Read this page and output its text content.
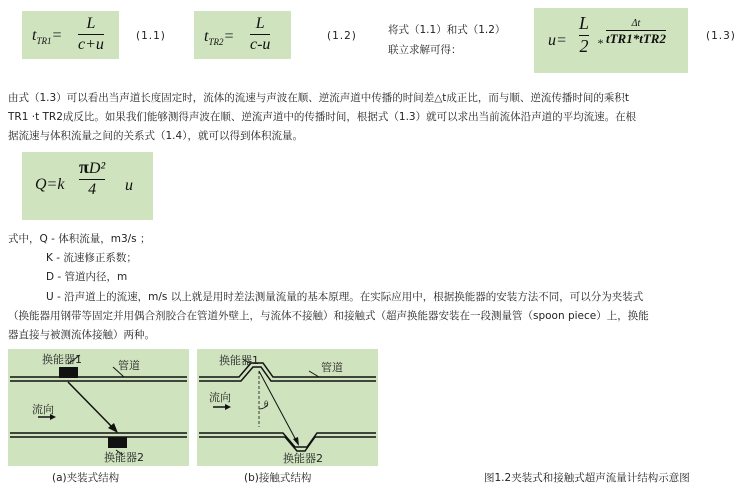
$t_{TR1}=$
L
c+u	(1.1) $t_{TR2}=$
L
c-u	(1.2)	将式（1.1）和式（1.2）
联立求解可得：
u=
L
2 *
Δt
tTR1*tTR2	(1.3)
由式（1.3）可以看出当声道长度固定时，流体的流速与声波在顺、逆流声道中传播的时间差△t成正比，而与顺、逆流传播时间的乘积t
TR1 ·t TR2成反比。如果我们能够测得声波在顺、逆流声道中的传播时间，根据式（1.3）就可以求出当前流体沿声道的平均流速。在根
据流速与体积流量之间的关系式（1.4），就可以得到体积流量。
Q=k
πD²
4 u
式中，Q - 体积流量，m3/s ；
K - 流速修正系数；
D - 管道内径，m
U - 沿声道上的流速，m/s 以上就是用时差法测量流量的基本原理。在实际应用中，根据换能器的安装方法不同，可以分为夹装式
（换能器用钢带等固定并用偶合剂胶合在管道外壁上，与流体不接触）和接触式（超声换能器安装在一段测量管（spoon piece）上，换能
器直接与被测流体接触）两种。
换能器1	管道
流向
换能器2
换能器1
管道
流向	θ
换能器2
(a)夹装式结构	(b)接触式结构	图1.2夹装式和接触式超声流量计结构示意图
